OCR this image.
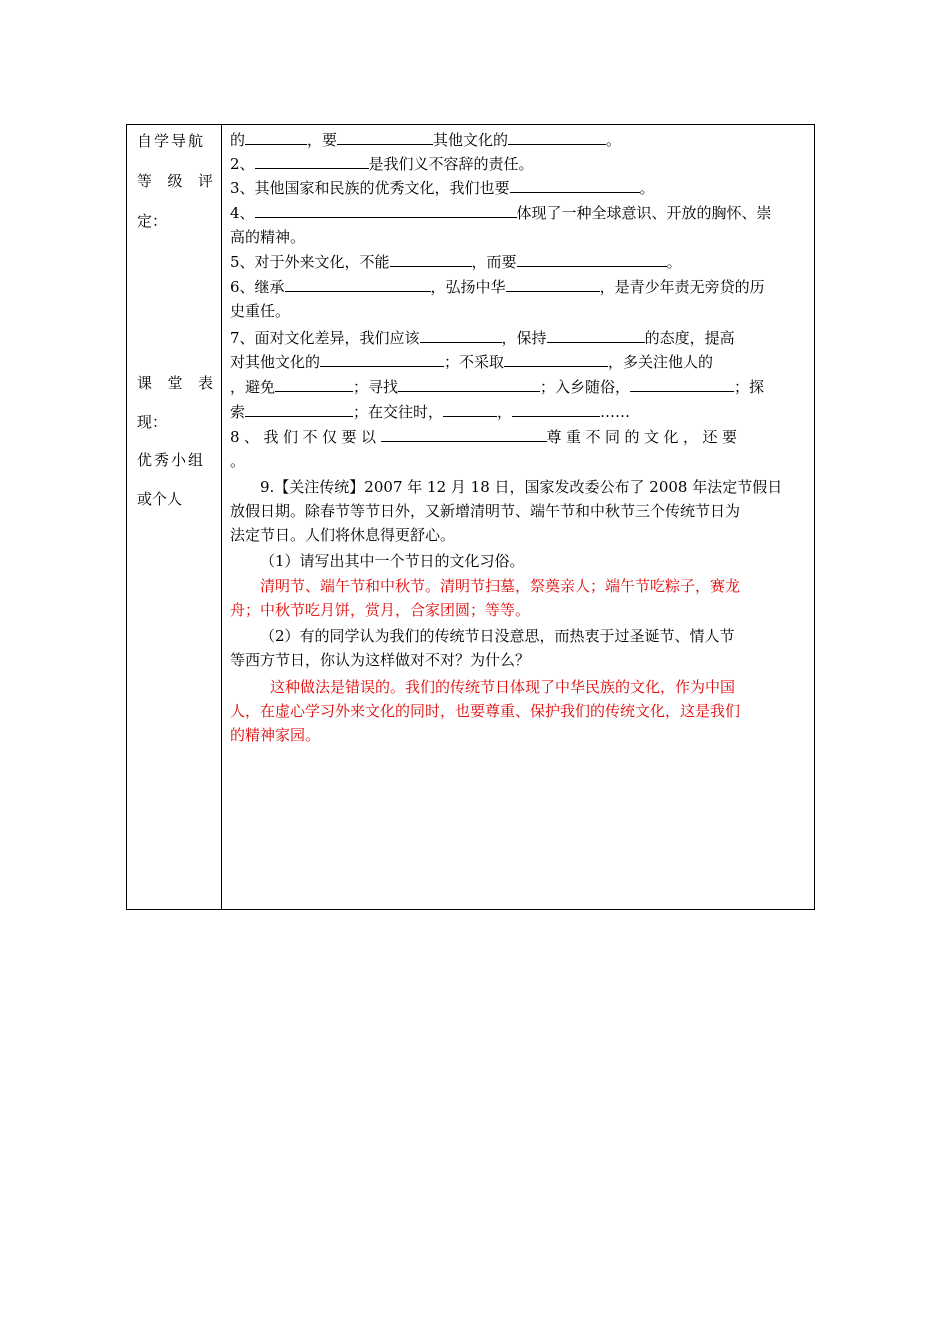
自学导航
等 级 评
定：
课 堂 表
现：
优秀小组
或个人
的	，要	其他文化的	。
2、	是我们义不容辞的责任。
3、其他国家和民族的优秀文化，我们也要	。
4、	体现了一种全球意识、开放的胸怀、崇
高的精神。
5、对于外来文化，不能	，而要	。
6、继承	，弘扬中华	，是青少年责无旁贷的历
史重任。
7、面对文化差异，我们应该	，保持	的态度，提高
对其他文化的	；不采取	，多关注他人的
，避免	；寻找	；入乡随俗，	；探
索	；在交往时，	，	……
8、我们不仅要以	尊重不同的文化，还要
。
9.【关注传统】2007 年 12 月 18 日，国家发改委公布了 2008 年法定节假日
放假日期。除春节等节日外，又新增清明节、端午节和中秋节三个传统节日为
法定节日。人们将休息得更舒心。
（1）请写出其中一个节日的文化习俗。
清明节、端午节和中秋节。清明节扫墓，祭奠亲人；端午节吃粽子，赛龙
舟；中秋节吃月饼，赏月，合家团圆；等等。
（2）有的同学认为我们的传统节日没意思，而热衷于过圣诞节、情人节
等西方节日，你认为这样做对不对？为什么？
这种做法是错误的。我们的传统节日体现了中华民族的文化，作为中国
人，在虚心学习外来文化的同时，也要尊重、保护我们的传统文化，这是我们
的精神家园。
